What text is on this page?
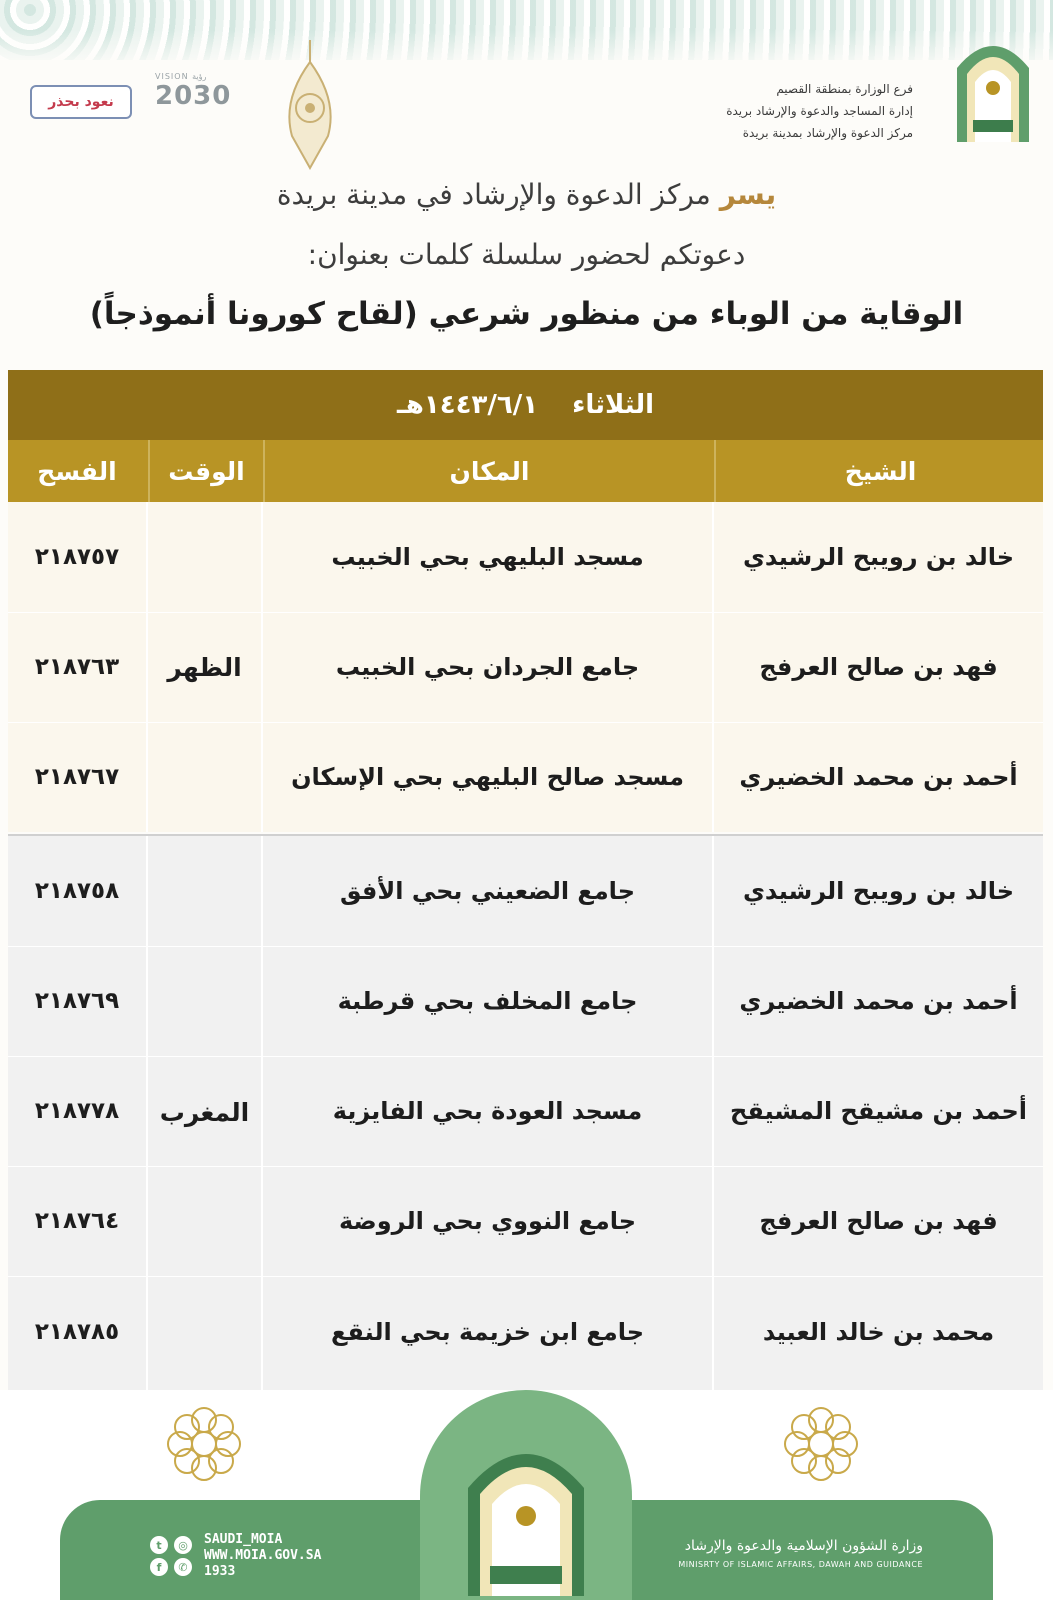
فرع الوزارة بمنطقة القصيم
إدارة المساجد والدعوة والإرشاد بريدة
مركز الدعوة والإرشاد بمدينة بريدة
VISION رؤية
2030
نعود بحذر
يسر مركز الدعوة والإرشاد في مدينة بريدة
دعوتكم لحضور سلسلة كلمات بعنوان:
الوقاية من الوباء من منظور شرعي (لقاح كورونا أنموذجاً)
الثلاثاء
١٤٤٣/٦/١هـ
الشيخ
المكان
الوقت
الفسح
خالد بن رويبح الرشيدي
مسجد البليهي بحي الخبيب
٢١٨٧٥٧
فهد بن صالح العرفج
جامع الجردان بحي الخبيب
٢١٨٧٦٣
أحمد بن محمد الخضيري
مسجد صالح البليهي بحي الإسكان
٢١٨٧٦٧
الظهر
خالد بن رويبح الرشيدي
جامع الضعيني بحي الأفق
٢١٨٧٥٨
أحمد بن محمد الخضيري
جامع المخلف بحي قرطبة
٢١٨٧٦٩
أحمد بن مشيقح المشيقح
مسجد العودة بحي الفايزية
٢١٨٧٧٨
فهد بن صالح العرفج
جامع النووي بحي الروضة
٢١٨٧٦٤
محمد بن خالد العبيد
جامع ابن خزيمة بحي النقع
٢١٨٧٨٥
المغرب
وزارة الشؤون الإسلامية والدعوة والإرشاد
MINISRTY OF ISLAMIC AFFAIRS, DAWAH AND GUIDANCE
t	◎
f	✆
SAUDI_MOIA
WWW.MOIA.GOV.SA
1933
